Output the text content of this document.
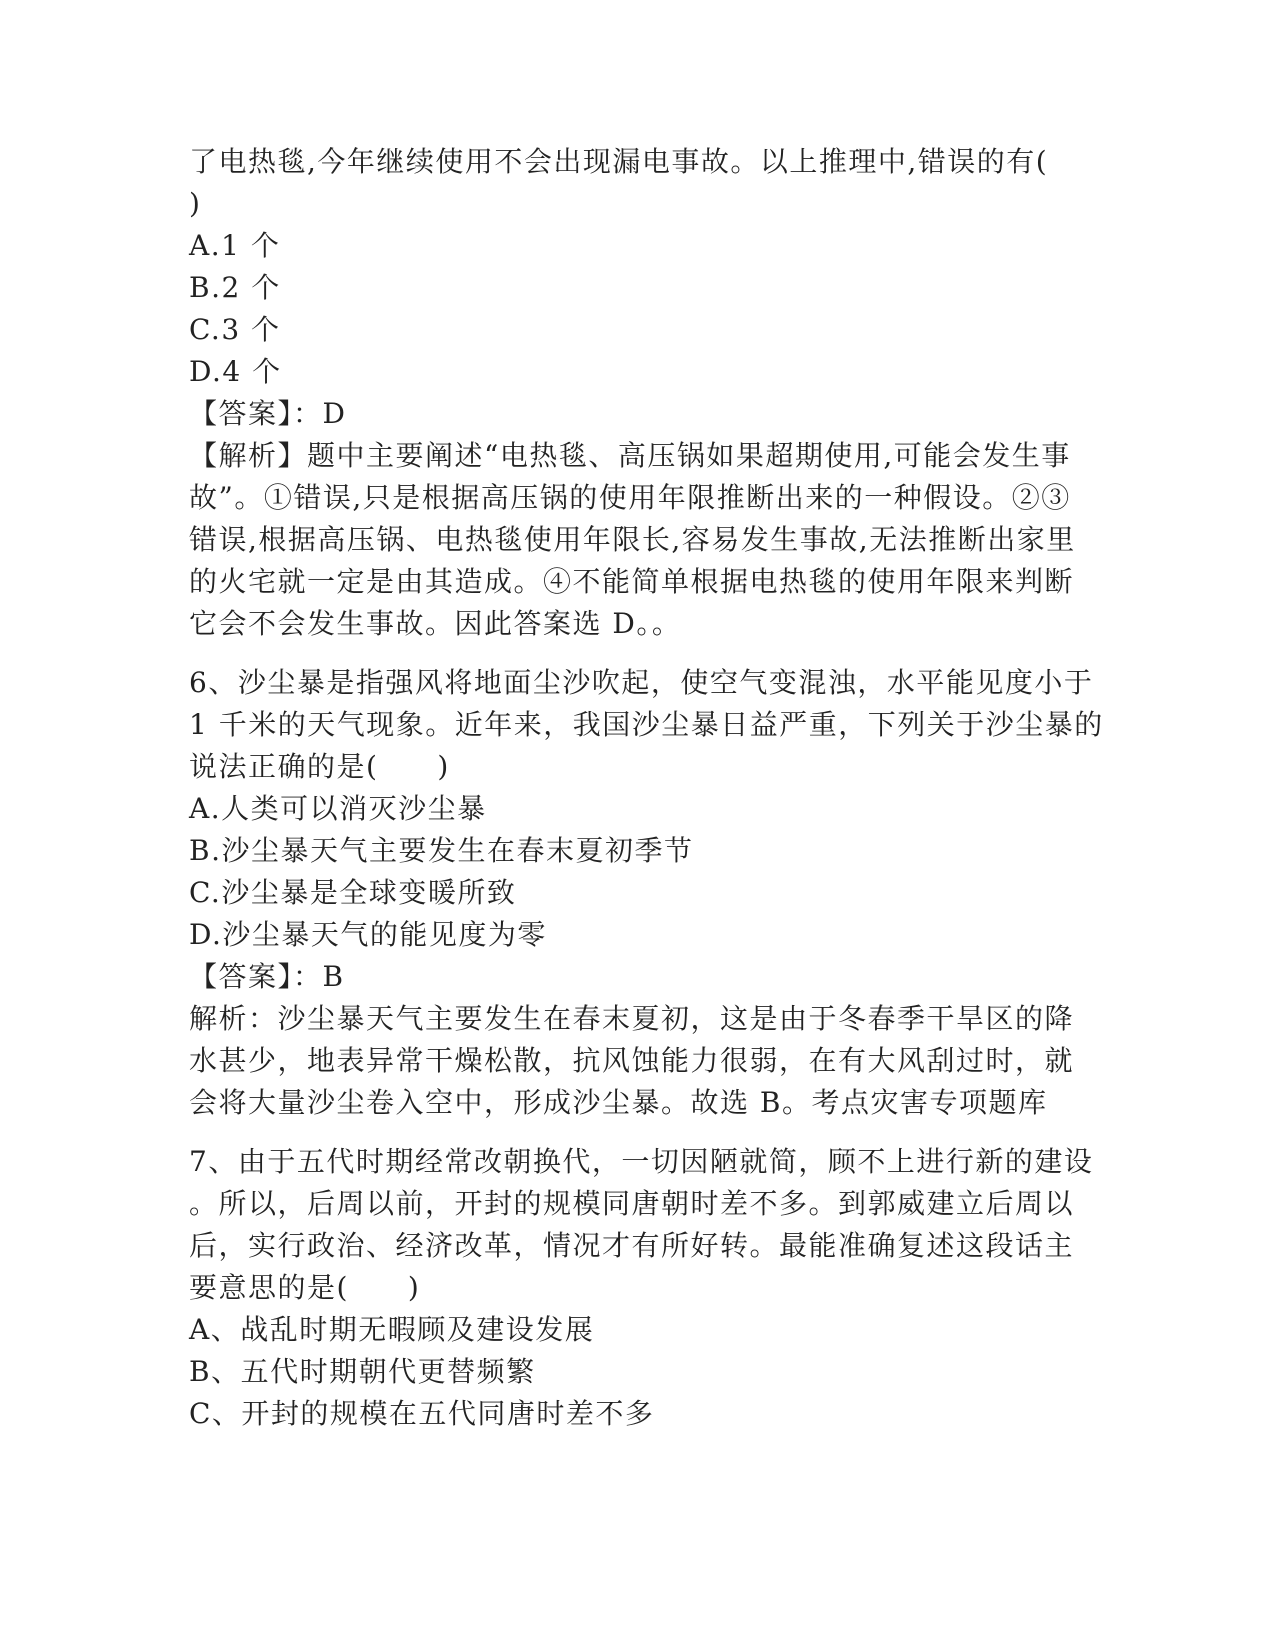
了电热毯,今年继续使用不会出现漏电事故。以上推理中,错误的有(
)
A.1 个
B.2 个
C.3 个
D.4 个
【答案】：D
【解析】题中主要阐述“电热毯、高压锅如果超期使用,可能会发生事
故”。①错误,只是根据高压锅的使用年限推断出来的一种假设。②③
错误,根据高压锅、电热毯使用年限长,容易发生事故,无法推断出家里
的火宅就一定是由其造成。④不能简单根据电热毯的使用年限来判断
它会不会发生事故。因此答案选 D。。
6、沙尘暴是指强风将地面尘沙吹起，使空气变混浊，水平能见度小于
1 千米的天气现象。近年来，我国沙尘暴日益严重，下列关于沙尘暴的
说法正确的是(　　)
A.人类可以消灭沙尘暴
B.沙尘暴天气主要发生在春末夏初季节
C.沙尘暴是全球变暖所致
D.沙尘暴天气的能见度为零
【答案】：B
解析：沙尘暴天气主要发生在春末夏初，这是由于冬春季干旱区的降
水甚少，地表异常干燥松散，抗风蚀能力很弱，在有大风刮过时，就
会将大量沙尘卷入空中，形成沙尘暴。故选 B。考点灾害专项题库
7、由于五代时期经常改朝换代，一切因陋就简，顾不上进行新的建设
。所以，后周以前，开封的规模同唐朝时差不多。到郭威建立后周以
后，实行政治、经济改革，情况才有所好转。最能准确复述这段话主
要意思的是(　　)
A、战乱时期无暇顾及建设发展
B、五代时期朝代更替频繁
C、开封的规模在五代同唐时差不多
